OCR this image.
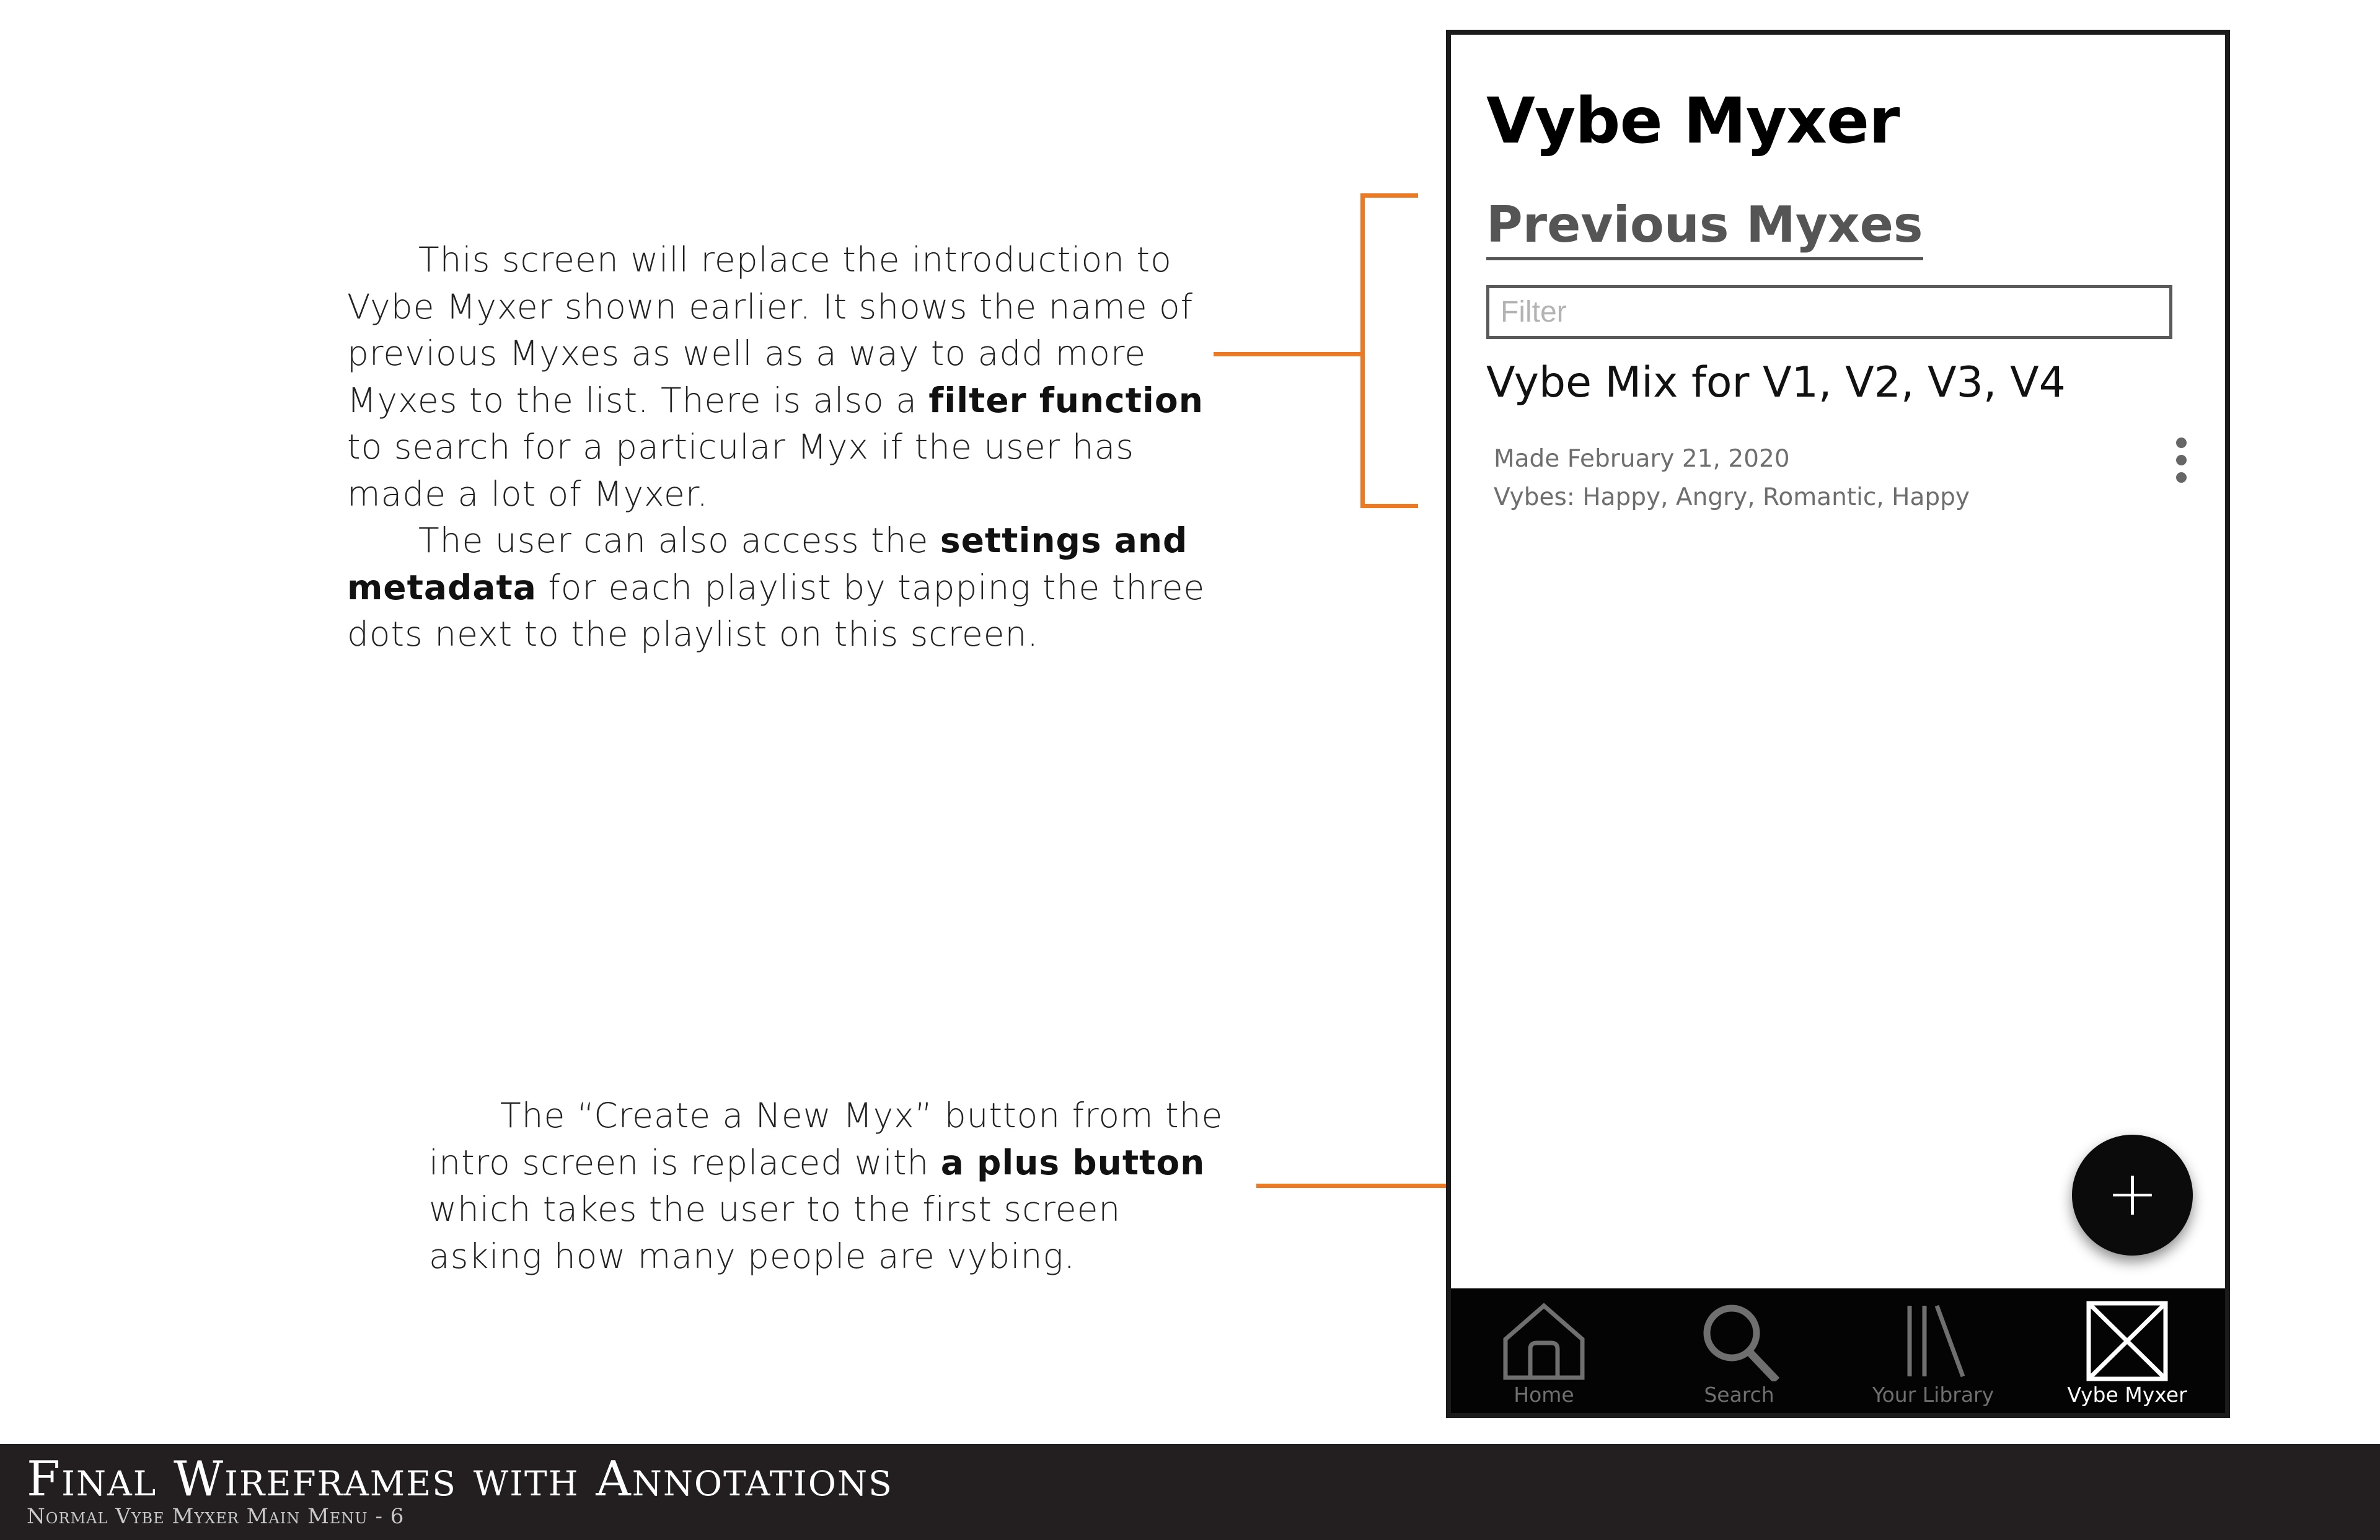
This screen will replace the introduction to Vybe Myxer shown earlier. It shows the name of previous Myxes as well as a way to add more Myxes to the list. There is also a filter function to search for a particular Myx if the user has made a lot of Myxer.

The user can also access the settings and metadata for each playlist by tapping the three dots next to the playlist on this screen.

The “Create a New Myx” button from the intro screen is replaced with a plus button which takes the user to the first screen asking how many people are vybing.

Vybe Myxer
Previous Myxes
Filter
Vybe Mix for V1, V2, V3, V4
Made February 21, 2020
Vybes: Happy, Angry, Romantic, Happy
+
Home	Search	Your Library	Vybe Myxer
Final Wireframes with Annotations
Normal Vybe Myxer Main Menu - 6
